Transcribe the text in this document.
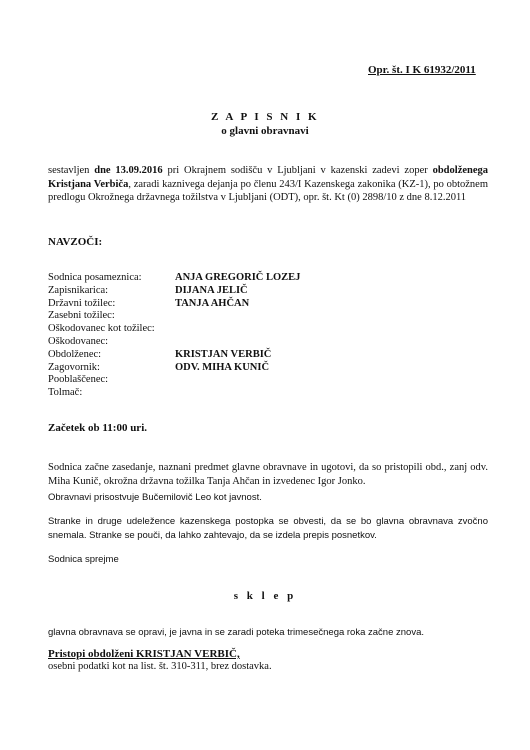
Opr. št. I K 61932/2011
Z A P I S N I K
o glavni obravnavi
sestavljen dne 13.09.2016 pri Okrajnem sodišču v Ljubljani v kazenski zadevi zoper obdolženega Kristjana Verbiča, zaradi kaznivega dejanja po členu 243/I Kazenskega zakonika (KZ-1), po obtožnem predlogu Okrožnega državnega tožilstva v Ljubljani (ODT), opr. št. Kt (0) 2898/10 z dne 8.12.2011
NAVZOČI:
Sodnica posameznica:	ANJA GREGORIČ LOZEJ
Zapisnikarica:	DIJANA JELIČ
Državni tožilec:	TANJA AHČAN
Zasebni tožilec:
Oškodovanec kot tožilec:
Oškodovanec:
Obdolženec:	KRISTJAN VERBIČ
Zagovornik:	ODV. MIHA KUNIČ
Pooblaščenec:
Tolmač:
Začetek ob 11:00 uri.
Sodnica začne zasedanje, naznani predmet glavne obravnave in ugotovi, da so pristopili obd., zanj odv. Miha Kunič, okrožna državna tožilka Tanja Ahčan in izvedenec Igor Jonko.
Obravnavi prisostvuje Bučemilovič Leo kot javnost.
Stranke in druge udeležence kazenskega postopka se obvesti, da se bo glavna obravnava zvočno snemala. Stranke se pouči, da lahko zahtevajo, da se izdela prepis posnetkov.
Sodnica sprejme
s k l e p
glavna obravnava se opravi, je javna in se zaradi poteka trimesečnega roka začne znova.
Pristopi obdolženi KRISTJAN VERBIČ,
osebni podatki kot na list. št. 310-311, brez dostavka.
